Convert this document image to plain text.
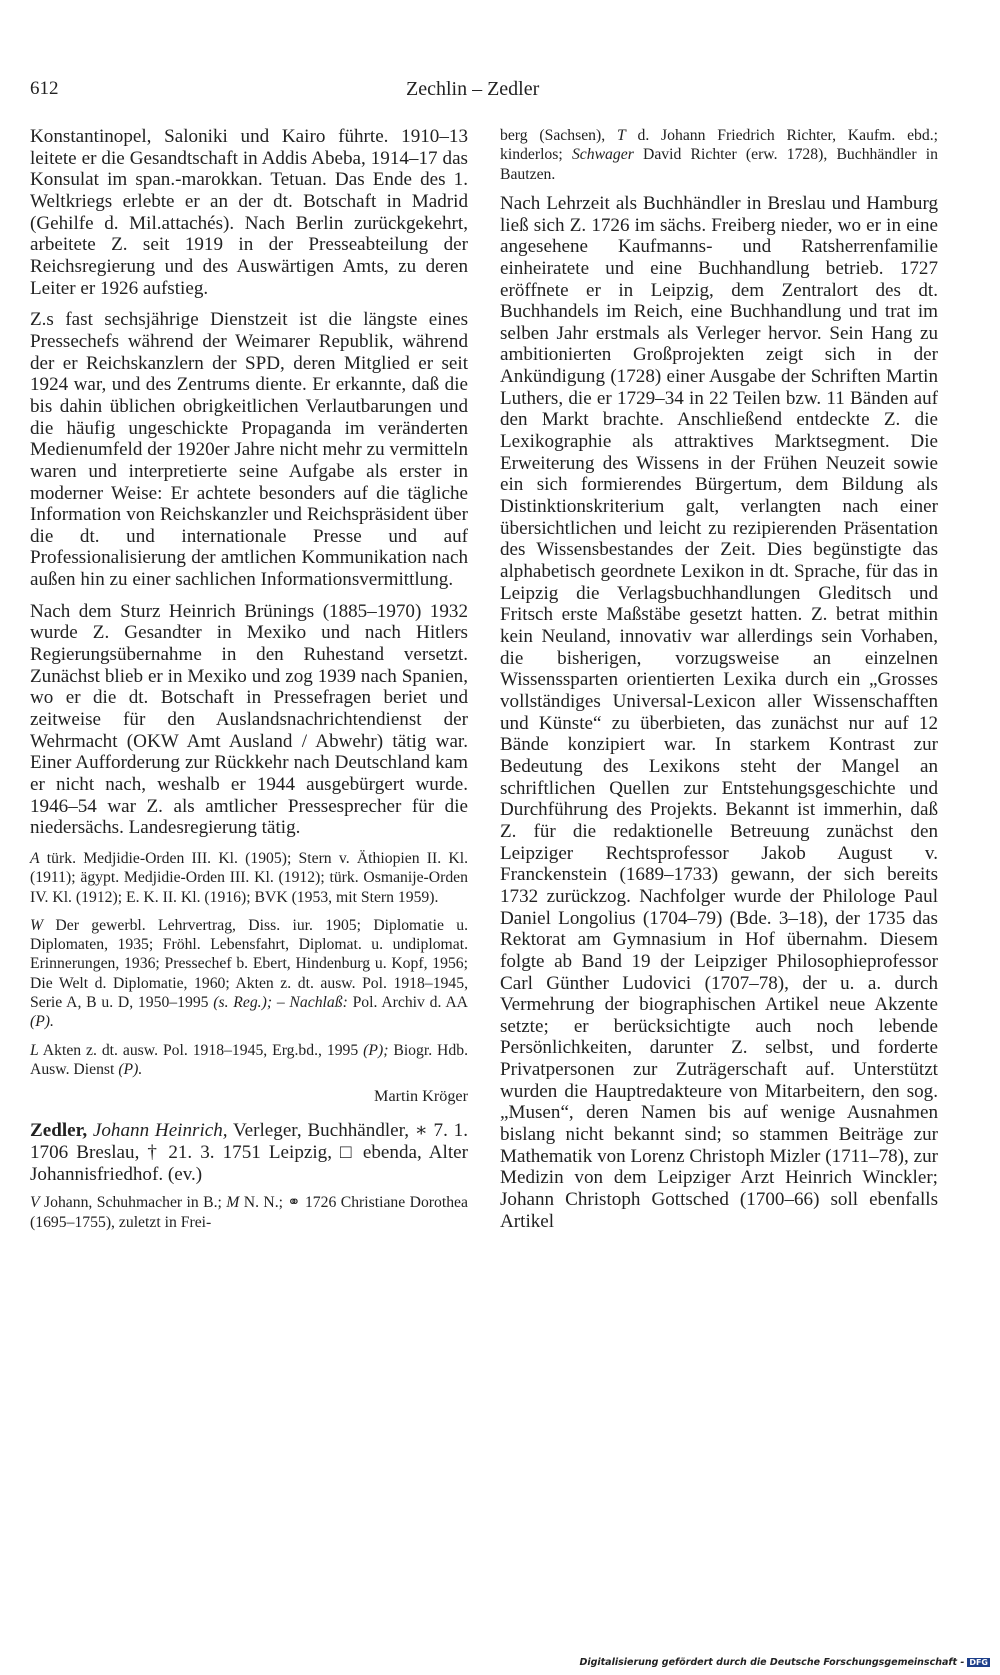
612	Zechlin – Zedler

Konstantinopel, Saloniki und Kairo führte. 1910–13 leitete er die Gesandtschaft in Addis Abeba, 1914–17 das Konsulat im span.-marokkan. Tetuan. Das Ende des 1. Weltkriegs erlebte er an der dt. Botschaft in Madrid (Gehilfe d. Mil.attachés). Nach Berlin zurückgekehrt, arbeitete Z. seit 1919 in der Presseabteilung der Reichsregierung und des Auswärtigen Amts, zu deren Leiter er 1926 aufstieg.

Z.s fast sechsjährige Dienstzeit ist die längste eines Pressechefs während der Weimarer Republik, während der er Reichskanzlern der SPD, deren Mitglied er seit 1924 war, und des Zentrums diente. Er erkannte, daß die bis dahin üblichen obrigkeitlichen Verlautbarungen und die häufig ungeschickte Propaganda im veränderten Medienumfeld der 1920er Jahre nicht mehr zu vermitteln waren und interpretierte seine Aufgabe als erster in moderner Weise: Er achtete besonders auf die tägliche Information von Reichskanzler und Reichspräsident über die dt. und internationale Presse und auf Professionalisierung der amtlichen Kommunikation nach außen hin zu einer sachlichen Informationsvermittlung.

Nach dem Sturz Heinrich Brünings (1885–1970) 1932 wurde Z. Gesandter in Mexiko und nach Hitlers Regierungsübernahme in den Ruhestand versetzt. Zunächst blieb er in Mexiko und zog 1939 nach Spanien, wo er die dt. Botschaft in Pressefragen beriet und zeitweise für den Auslandsnachrichtendienst der Wehrmacht (OKW Amt Ausland / Abwehr) tätig war. Einer Aufforderung zur Rückkehr nach Deutschland kam er nicht nach, weshalb er 1944 ausgebürgert wurde. 1946–54 war Z. als amtlicher Pressesprecher für die niedersächs. Landesregierung tätig.

A türk. Medjidie-Orden III. Kl. (1905); Stern v. Äthiopien II. Kl. (1911); ägypt. Medjidie-Orden III. Kl. (1912); türk. Osmanije-Orden IV. Kl. (1912); E. K. II. Kl. (1916); BVK (1953, mit Stern 1959).

W Der gewerbl. Lehrvertrag, Diss. iur. 1905; Diplomatie u. Diplomaten, 1935; Fröhl. Lebensfahrt, Diplomat. u. undiplomat. Erinnerungen, 1936; Pressechef b. Ebert, Hindenburg u. Kopf, 1956; Die Welt d. Diplomatie, 1960; Akten z. dt. ausw. Pol. 1918–1945, Serie A, B u. D, 1950–1995 (s. Reg.); – Nachlaß: Pol. Archiv d. AA (P).

L Akten z. dt. ausw. Pol. 1918–1945, Erg.bd., 1995 (P); Biogr. Hdb. Ausw. Dienst (P).

Martin Kröger

Zedler, Johann Heinrich, Verleger, Buchhändler, ∗ 7. 1. 1706 Breslau, † 21. 3. 1751 Leipzig, □ ebenda, Alter Johannisfriedhof. (ev.)

V Johann, Schuhmacher in B.; M N. N.; ⚭ 1726 Christiane Dorothea (1695–1755), zuletzt in Frei-

berg (Sachsen), T d. Johann Friedrich Richter, Kaufm. ebd.; kinderlos; Schwager David Richter (erw. 1728), Buchhändler in Bautzen.

Nach Lehrzeit als Buchhändler in Breslau und Hamburg ließ sich Z. 1726 im sächs. Freiberg nieder, wo er in eine angesehene Kaufmanns- und Ratsherrenfamilie einheiratete und eine Buchhandlung betrieb. 1727 eröffnete er in Leipzig, dem Zentralort des dt. Buchhandels im Reich, eine Buchhandlung und trat im selben Jahr erstmals als Verleger hervor. Sein Hang zu ambitionierten Großprojekten zeigt sich in der Ankündigung (1728) einer Ausgabe der Schriften Martin Luthers, die er 1729–34 in 22 Teilen bzw. 11 Bänden auf den Markt brachte. Anschließend entdeckte Z. die Lexikographie als attraktives Marktsegment. Die Erweiterung des Wissens in der Frühen Neuzeit sowie ein sich formierendes Bürgertum, dem Bildung als Distinktionskriterium galt, verlangten nach einer übersichtlichen und leicht zu rezipierenden Präsentation des Wissensbestandes der Zeit. Dies begünstigte das alphabetisch geordnete Lexikon in dt. Sprache, für das in Leipzig die Verlagsbuchhandlungen Gleditsch und Fritsch erste Maßstäbe gesetzt hatten. Z. betrat mithin kein Neuland, innovativ war allerdings sein Vorhaben, die bisherigen, vorzugsweise an einzelnen Wissenssparten orientierten Lexika durch ein „Grosses vollständiges Universal-Lexicon aller Wissenschafften und Künste“ zu überbieten, das zunächst nur auf 12 Bände konzipiert war. In starkem Kontrast zur Bedeutung des Lexikons steht der Mangel an schriftlichen Quellen zur Entstehungsgeschichte und Durchführung des Projekts. Bekannt ist immerhin, daß Z. für die redaktionelle Betreuung zunächst den Leipziger Rechtsprofessor Jakob August v. Franckenstein (1689–1733) gewann, der sich bereits 1732 zurückzog. Nachfolger wurde der Philologe Paul Daniel Longolius (1704–79) (Bde. 3–18), der 1735 das Rektorat am Gymnasium in Hof übernahm. Diesem folgte ab Band 19 der Leipziger Philosophieprofessor Carl Günther Ludovici (1707–78), der u. a. durch Vermehrung der biographischen Artikel neue Akzente setzte; er berücksichtigte auch noch lebende Persönlichkeiten, darunter Z. selbst, und forderte Privatpersonen zur Zuträgerschaft auf. Unterstützt wurden die Hauptredakteure von Mitarbeitern, den sog. „Musen“, deren Namen bis auf wenige Ausnahmen bislang nicht bekannt sind; so stammen Beiträge zur Mathematik von Lorenz Christoph Mizler (1711–78), zur Medizin von dem Leipziger Arzt Heinrich Winckler; Johann Christoph Gottsched (1700–66) soll ebenfalls Artikel

Digitalisierung gefördert durch die Deutsche Forschungsgemeinschaft - DFG
